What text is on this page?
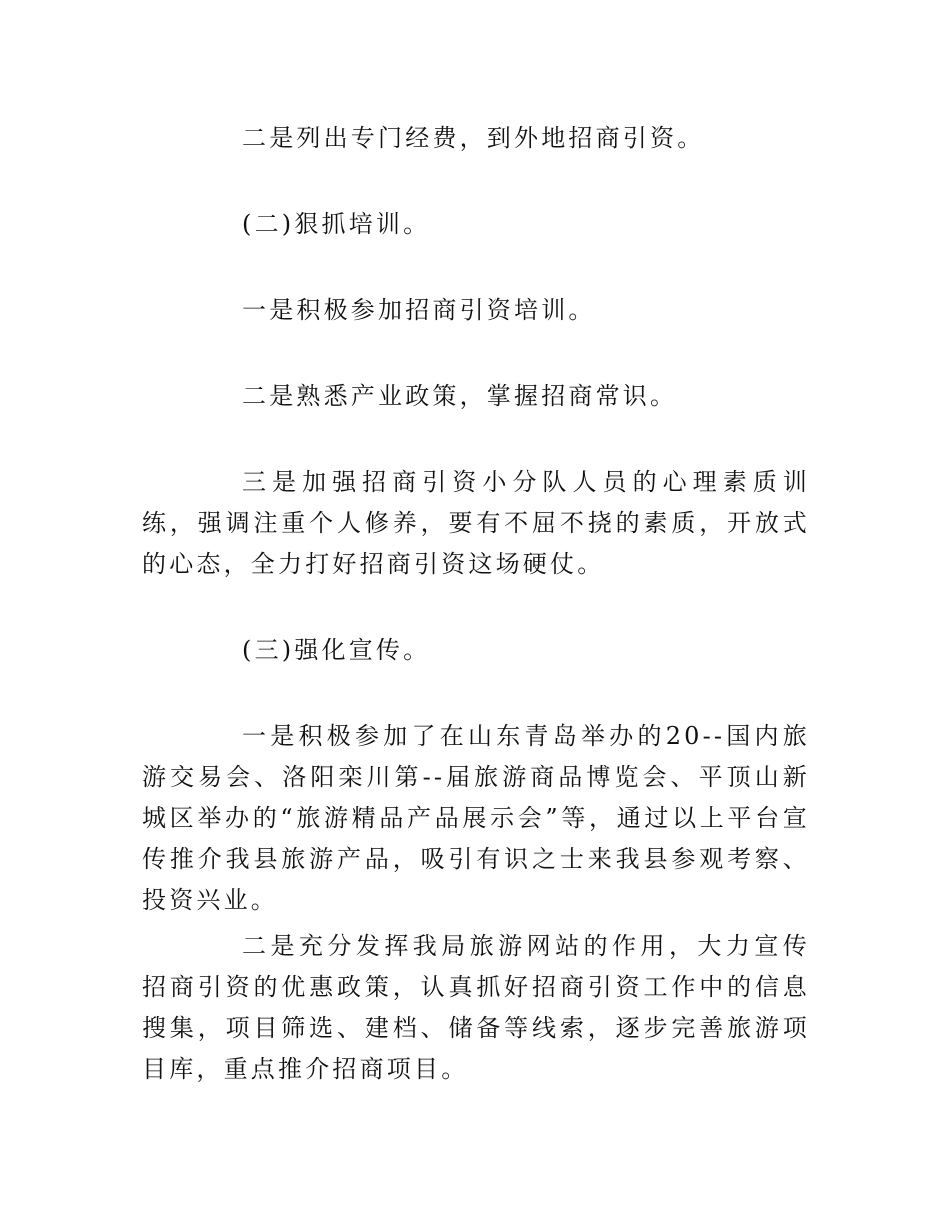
二是列出专门经费，到外地招商引资。

(二)狠抓培训。

一是积极参加招商引资培训。

二是熟悉产业政策，掌握招商常识。

三是加强招商引资小分队人员的心理素质训练，强调注重个人修养，要有不屈不挠的素质，开放式的心态，全力打好招商引资这场硬仗。

(三)强化宣传。

一是积极参加了在山东青岛举办的20--国内旅游交易会、洛阳栾川第--届旅游商品博览会、平顶山新城区举办的“旅游精品产品展示会”等，通过以上平台宣传推介我县旅游产品，吸引有识之士来我县参观考察、投资兴业。

二是充分发挥我局旅游网站的作用，大力宣传招商引资的优惠政策，认真抓好招商引资工作中的信息搜集，项目筛选、建档、储备等线索，逐步完善旅游项目库，重点推介招商项目。
